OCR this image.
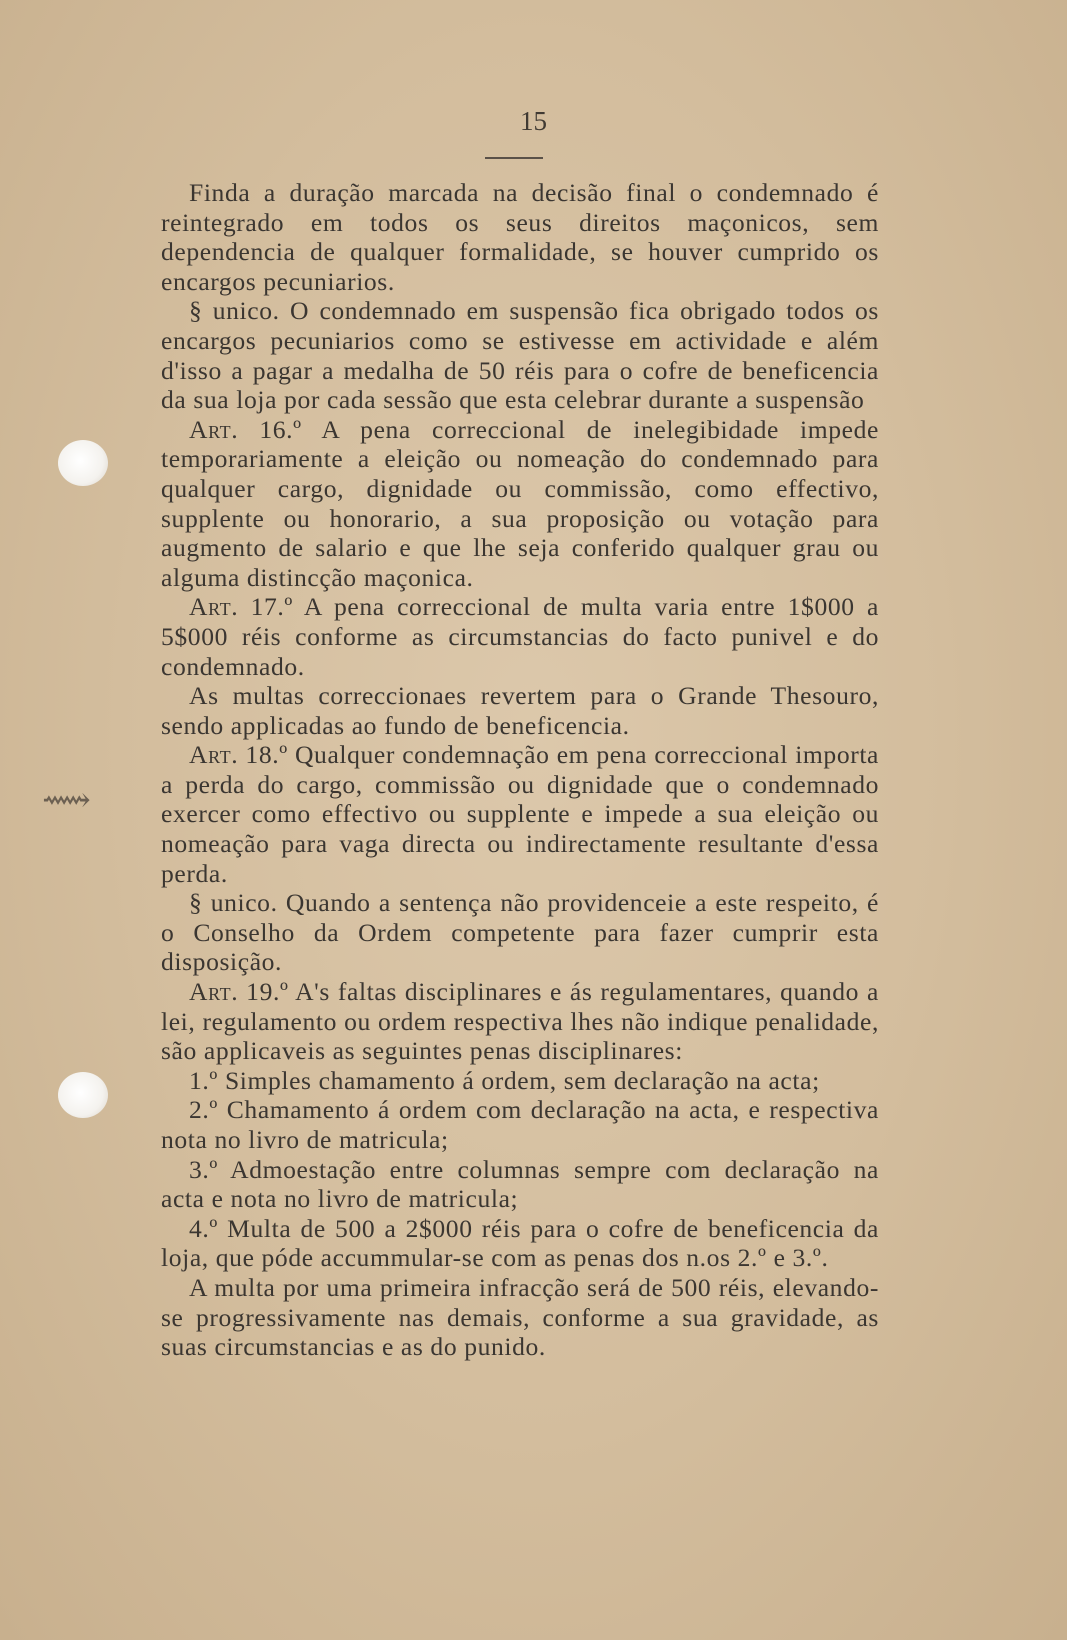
⟿
15
Finda a duração marcada na decisão final o condemnado é reintegrado em todos os seus direitos maçonicos, sem dependencia de qualquer formalidade, se houver cumprido os encargos pecuniarios.
§ unico. O condemnado em suspensão fica obrigado todos os encargos pecuniarios como se estivesse em actividade e além d'isso a pagar a medalha de 50 réis para o cofre de beneficencia da sua loja por cada sessão que esta celebrar durante a suspensão
Art. 16.º A pena correccional de inelegibidade impede temporariamente a eleição ou nomeação do condemnado para qualquer cargo, dignidade ou commissão, como effectivo, supplente ou honorario, a sua proposição ou votação para augmento de salario e que lhe seja conferido qualquer grau ou alguma distincção maçonica.
Art. 17.º A pena correccional de multa varia entre 1$000 a 5$000 réis conforme as circumstancias do facto punivel e do condemnado.
As multas correccionaes revertem para o Grande Thesouro, sendo applicadas ao fundo de beneficencia.
Art. 18.º Qualquer condemnação em pena correccional importa a perda do cargo, commissão ou dignidade que o condemnado exercer como effectivo ou supplente e impede a sua eleição ou nomeação para vaga directa ou indirectamente resultante d'essa perda.
§ unico. Quando a sentença não providenceie a este respeito, é o Conselho da Ordem competente para fazer cumprir esta disposição.
Art. 19.º A's faltas disciplinares e ás regulamentares, quando a lei, regulamento ou ordem respectiva lhes não indique penalidade, são applicaveis as seguintes penas disciplinares:
1.º Simples chamamento á ordem, sem declaração na acta;
2.º Chamamento á ordem com declaração na acta, e respectiva nota no livro de matricula;
3.º Admoestação entre columnas sempre com declaração na acta e nota no livro de matricula;
4.º Multa de 500 a 2$000 réis para o cofre de beneficencia da loja, que póde accummular-se com as penas dos n.os 2.º e 3.º.
A multa por uma primeira infracção será de 500 réis, elevando-se progressivamente nas demais, conforme a sua gravidade, as suas circumstancias e as do punido.
